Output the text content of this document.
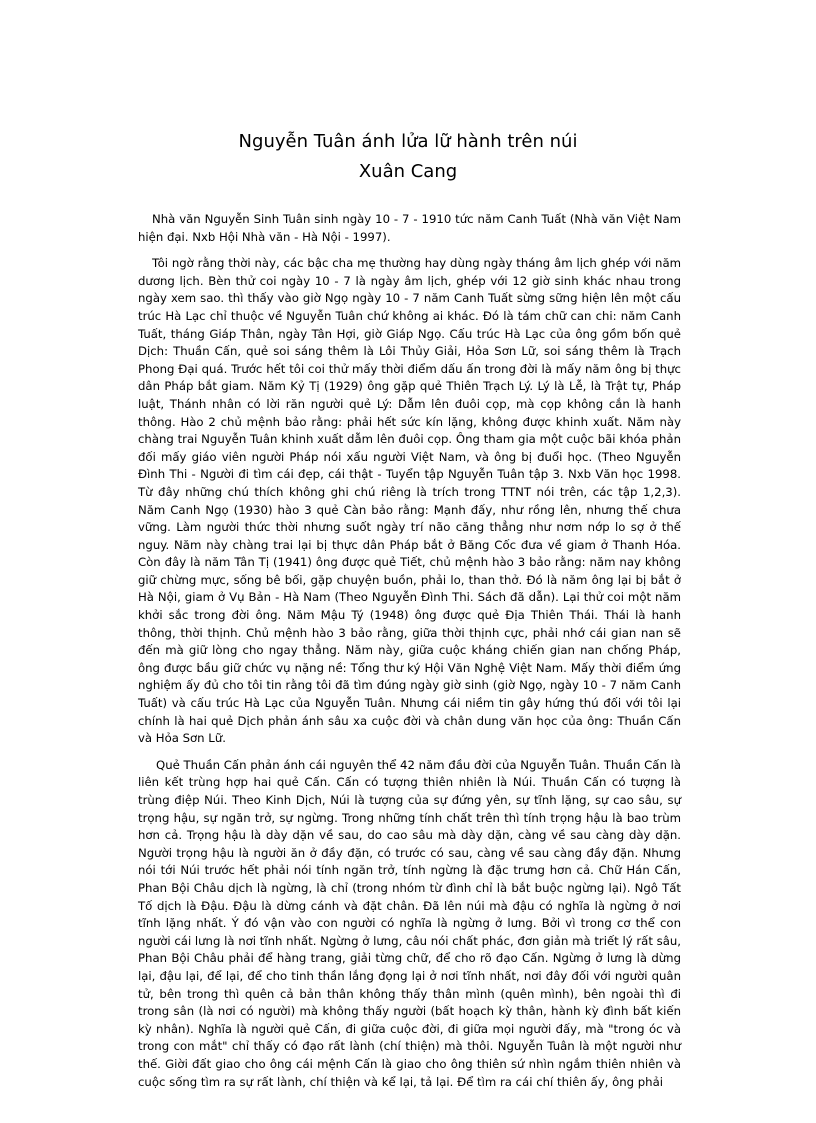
Nguyễn Tuân ánh lửa lữ hành trên núi
Xuân Cang

Nhà văn Nguyễn Sinh Tuân sinh ngày 10 - 7 - 1910 tức năm Canh Tuất (Nhà văn Việt Nam hiện đại. Nxb Hội Nhà văn - Hà Nội - 1997).

Tôi ngờ rằng thời này, các bậc cha mẹ thường hay dùng ngày tháng âm lịch ghép với năm dương lịch. Bèn thử coi ngày 10 - 7 là ngày âm lịch, ghép với 12 giờ sinh khác nhau trong ngày xem sao. thì thấy vào giờ Ngọ ngày 10 - 7 năm Canh Tuất sừng sững hiện lên một cấu trúc Hà Lạc chỉ thuộc về Nguyễn Tuân chứ không ai khác. Đó là tám chữ can chi: năm Canh Tuất, tháng Giáp Thân, ngày Tân Hợi, giờ Giáp Ngọ. Cấu trúc Hà Lạc của ông gồm bốn quẻ Dịch: Thuần Cấn, quẻ soi sáng thêm là Lôi Thủy Giải, Hỏa Sơn Lữ, soi sáng thêm là Trạch Phong Đại quá. Trước hết tôi coi thử mấy thời điểm dấu ấn trong đời là mấy năm ông bị thực dân Pháp bắt giam. Năm Kỷ Tị (1929) ông gặp quẻ Thiên Trạch Lý. Lý là Lễ, là Trật tự, Pháp luật, Thánh nhân có lời răn người quẻ Lý: Dẫm lên đuôi cọp, mà cọp không cắn là hanh thông. Hào 2 chủ mệnh bảo rằng: phải hết sức kín lặng, không được khinh xuất. Năm này chàng trai Nguyễn Tuân khinh xuất dẫm lên đuôi cọp. Ông tham gia một cuộc bãi khóa phản đối mấy giáo viên người Pháp nói xấu người Việt Nam, và ông bị đuổi học. (Theo Nguyễn Đình Thi - Người đi tìm cái đẹp, cái thật - Tuyển tập Nguyễn Tuân tập 3. Nxb Văn học 1998. Từ đây những chú thích không ghi chú riêng là trích trong TTNT nói trên, các tập 1,2,3). Năm Canh Ngọ (1930) hào 3 quẻ Càn bảo rằng: Mạnh đấy, như rồng lên, nhưng thế chưa vững. Làm người thức thời nhưng suốt ngày trí não căng thẳng như nơm nớp lo sợ ở thế nguy. Năm này chàng trai lại bị thực dân Pháp bắt ở Băng Cốc đưa về giam ở Thanh Hóa. Còn đây là năm Tân Tị (1941) ông được quẻ Tiết, chủ mệnh hào 3 bảo rằng: năm nay không giữ chừng mực, sống bê bối, gặp chuyện buồn, phải lo, than thở. Đó là năm ông lại bị bắt ở Hà Nội, giam ở Vụ Bản - Hà Nam (Theo Nguyễn Đình Thi. Sách đã dẫn). Lại thử coi một năm khởi sắc trong đời ông. Năm Mậu Tý (1948) ông được quẻ Địa Thiên Thái. Thái là hanh thông, thời thịnh. Chủ mệnh hào 3 bảo rằng, giữa thời thịnh cực, phải nhớ cái gian nan sẽ đến mà giữ lòng cho ngay thẳng. Năm này, giữa cuộc kháng chiến gian nan chống Pháp, ông được bầu giữ chức vụ nặng nề: Tổng thư ký Hội Văn Nghệ Việt Nam. Mấy thời điểm ứng nghiệm ấy đủ cho tôi tin rằng tôi đã tìm đúng ngày giờ sinh (giờ Ngọ, ngày 10 - 7 năm Canh Tuất) và cấu trúc Hà Lạc của Nguyễn Tuân. Nhưng cái niềm tin gây hứng thú đối với tôi lại chính là hai quẻ Dịch phản ánh sâu xa cuộc đời và chân dung văn học của ông: Thuần Cấn và Hỏa Sơn Lữ.

Quẻ Thuần Cấn phản ánh cái nguyên thể 42 năm đầu đời của Nguyễn Tuân. Thuần Cấn là liên kết trùng hợp hai quẻ Cấn. Cấn có tượng thiên nhiên là Núi. Thuần Cấn có tượng là trùng điệp Núi. Theo Kinh Dịch, Núi là tượng của sự đứng yên, sự tĩnh lặng, sự cao sâu, sự trọng hậu, sự ngăn trở, sự ngừng. Trong những tính chất trên thì tính trọng hậu là bao trùm hơn cả. Trọng hậu là dày dặn về sau, do cao sâu mà dày dặn, càng về sau càng dày dặn. Người trọng hậu là người ăn ở đầy đặn, có trước có sau, càng về sau càng đầy đặn. Nhưng nói tới Núi trước hết phải nói tính ngăn trở, tính ngừng là đặc trưng hơn cả. Chữ Hán Cấn, Phan Bội Châu dịch là ngừng, là chỉ (trong nhóm từ đình chỉ là bắt buộc ngừng lại). Ngô Tất Tố dịch là Đậu. Đậu là dừng cánh và đặt chân. Đã lên núi mà đậu có nghĩa là ngừng ở nơi tĩnh lặng nhất. Ý đó vận vào con người có nghĩa là ngừng ở lưng. Bởi vì trong cơ thể con người cái lưng là nơi tĩnh nhất. Ngừng ở lưng, câu nói chất phác, đơn giản mà triết lý rất sâu, Phan Bội Châu phải để hàng trang, giải từng chữ, để cho rõ đạo Cấn. Ngừng ở lưng là dừng lại, đậu lại, để lại, để cho tinh thần lắng đọng lại ở nơi tĩnh nhất, nơi đây đối với người quân tử, bên trong thì quên cả bản thân không thấy thân mình (quên mình), bên ngoài thì đi trong sân (là nơi có người) mà không thấy người (bất hoạch kỳ thân, hành kỳ đình bất kiến kỳ nhân). Nghĩa là người quẻ Cấn, đi giữa cuộc đời, đi giữa mọi người đấy, mà "trong óc và trong con mắt" chỉ thấy có đạo rất lành (chí thiện) mà thôi. Nguyễn Tuân là một người như thế. Giời đất giao cho ông cái mệnh Cấn là giao cho ông thiên sứ nhìn ngắm thiên nhiên và cuộc sống tìm ra sự rất lành, chí thiện và kể lại, tả lại. Để tìm ra cái chí thiên ấy, ông phải
